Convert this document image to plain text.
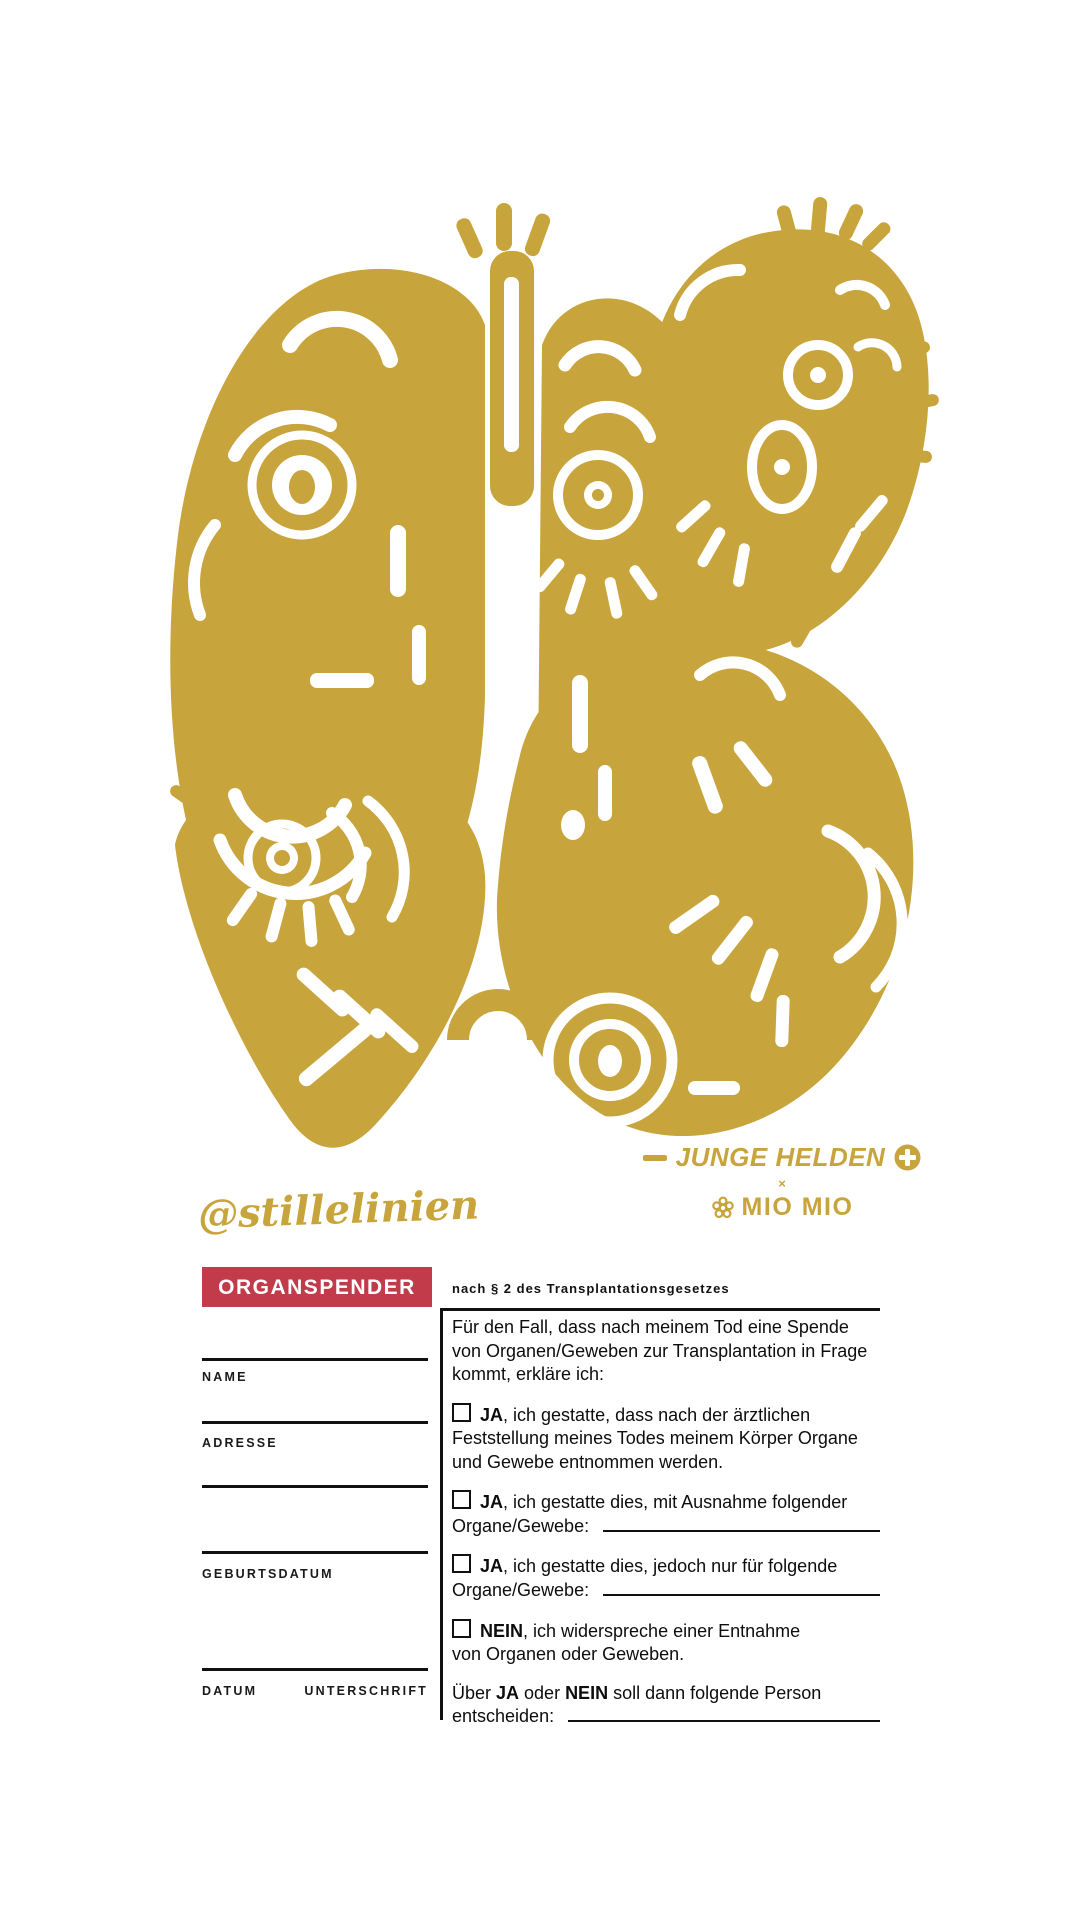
@stillelinien
JUNGE HELDEN
×
MIO MIO
ORGANSPENDER	nach § 2 des Transplantationsgesetzes
NAME
ADRESSE
GEBURTSDATUM
DATUM	UNTERSCHRIFT

Für den Fall, dass nach meinem Tod eine Spende
von Organen/Geweben zur Transplantation in Frage
kommt, erkläre ich:

JA, ich gestatte, dass nach der ärztlichen
Feststellung meines Todes meinem Körper Organe
und Gewebe entnommen werden.

JA, ich gestatte dies, mit Ausnahme folgender
Organe/Gewebe:

JA, ich gestatte dies, jedoch nur für folgende
Organe/Gewebe:

NEIN, ich widerspreche einer Entnahme
von Organen oder Geweben.

Über JA oder NEIN soll dann folgende Person
entscheiden:
